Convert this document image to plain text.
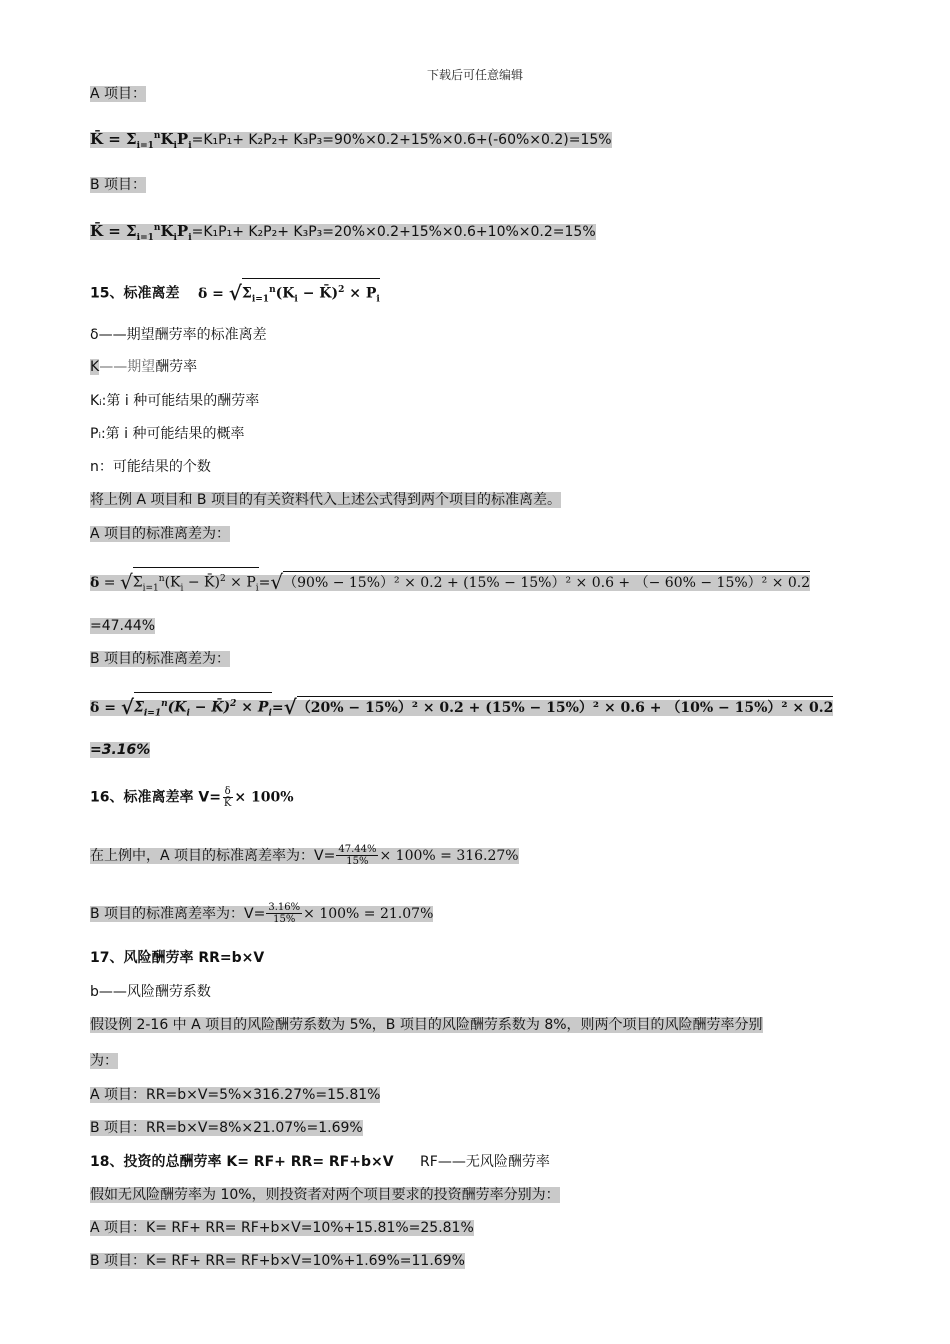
下载后可任意编辑
A 项目：
K̄ = $\Sigma_{i=1}^nK_iP_i=K_1P_1+ K_2P_2+ K_3P_3=90\%\times 0.2+15\%\times 0.6+(-60\%\times 0.2)=15\%$
B 项目：
K̄ = $\Sigma_{i=1}^nK_iP_i=K_1P_1+ K_2P_2+ K_3P_3=20\%\times 0.2+15\%\times 0.6+10\%\times 0.2=15\%$
15、标准离差 $\delta = √\Sigma_{i=1}^n(K_i$ − K̄)$^2$ × $P_i$
δ——期望酬劳率的标准离差
K——期望酬劳率
Kᵢ:第 i 种可能结果的酬劳率
Pᵢ:第 i 种可能结果的概率
n：可能结果的个数
将上例 A 项目和 B 项目的有关资料代入上述公式得到两个项目的标准离差。
A 项目的标准离差为：
$\delta = √\Sigma_{i=1}^n(K_i$ − K̄)$^2$ × $P_i=√(90\% - 15\%)^2 \times 0.2 + (15\% - 15\%)^2 \times 0.6$ + （− 60% − 15%）² × 0.2
=47.44%
B 项目的标准离差为：
$\delta = √\Sigma_{i=1}^n(K_i$ − K̄)$^2$ × $P_i=√(20\% - 15\%)^2 \times 0.2 + (15\% - 15\%)^2 \times 0.6 + (10\% - 15\%)^2 \times 0.2$
=3.16%
16、标准离差率 $V= \frac{\delta}{K̄} \times 100\%$
在上例中，A 项目的标准离差率为：$V= \frac{47.44\%}{15\%} \times 100\% = 316.27\%$
B 项目的标准离差率为：$V= \frac{3.16\%}{15\%} \times 100\% = 21.07\%$
17、风险酬劳率 RR=b×V
b——风险酬劳系数
假设例 2-16 中 A 项目的风险酬劳系数为 5%，B 项目的风险酬劳系数为 8%，则两个项目的风险酬劳率分别
为：
A 项目：RR=b×V=5%×316.27%=15.81%
B 项目：RR=b×V=8%×21.07%=1.69%
18、投资的总酬劳率 K= RF+ RR= RF+b×V RF——无风险酬劳率
假如无风险酬劳率为 10%，则投资者对两个项目要求的投资酬劳率分别为：
A 项目：K= RF+ RR= RF+b×V=10%+15.81%=25.81%
B 项目：K= RF+ RR= RF+b×V=10%+1.69%=11.69%
